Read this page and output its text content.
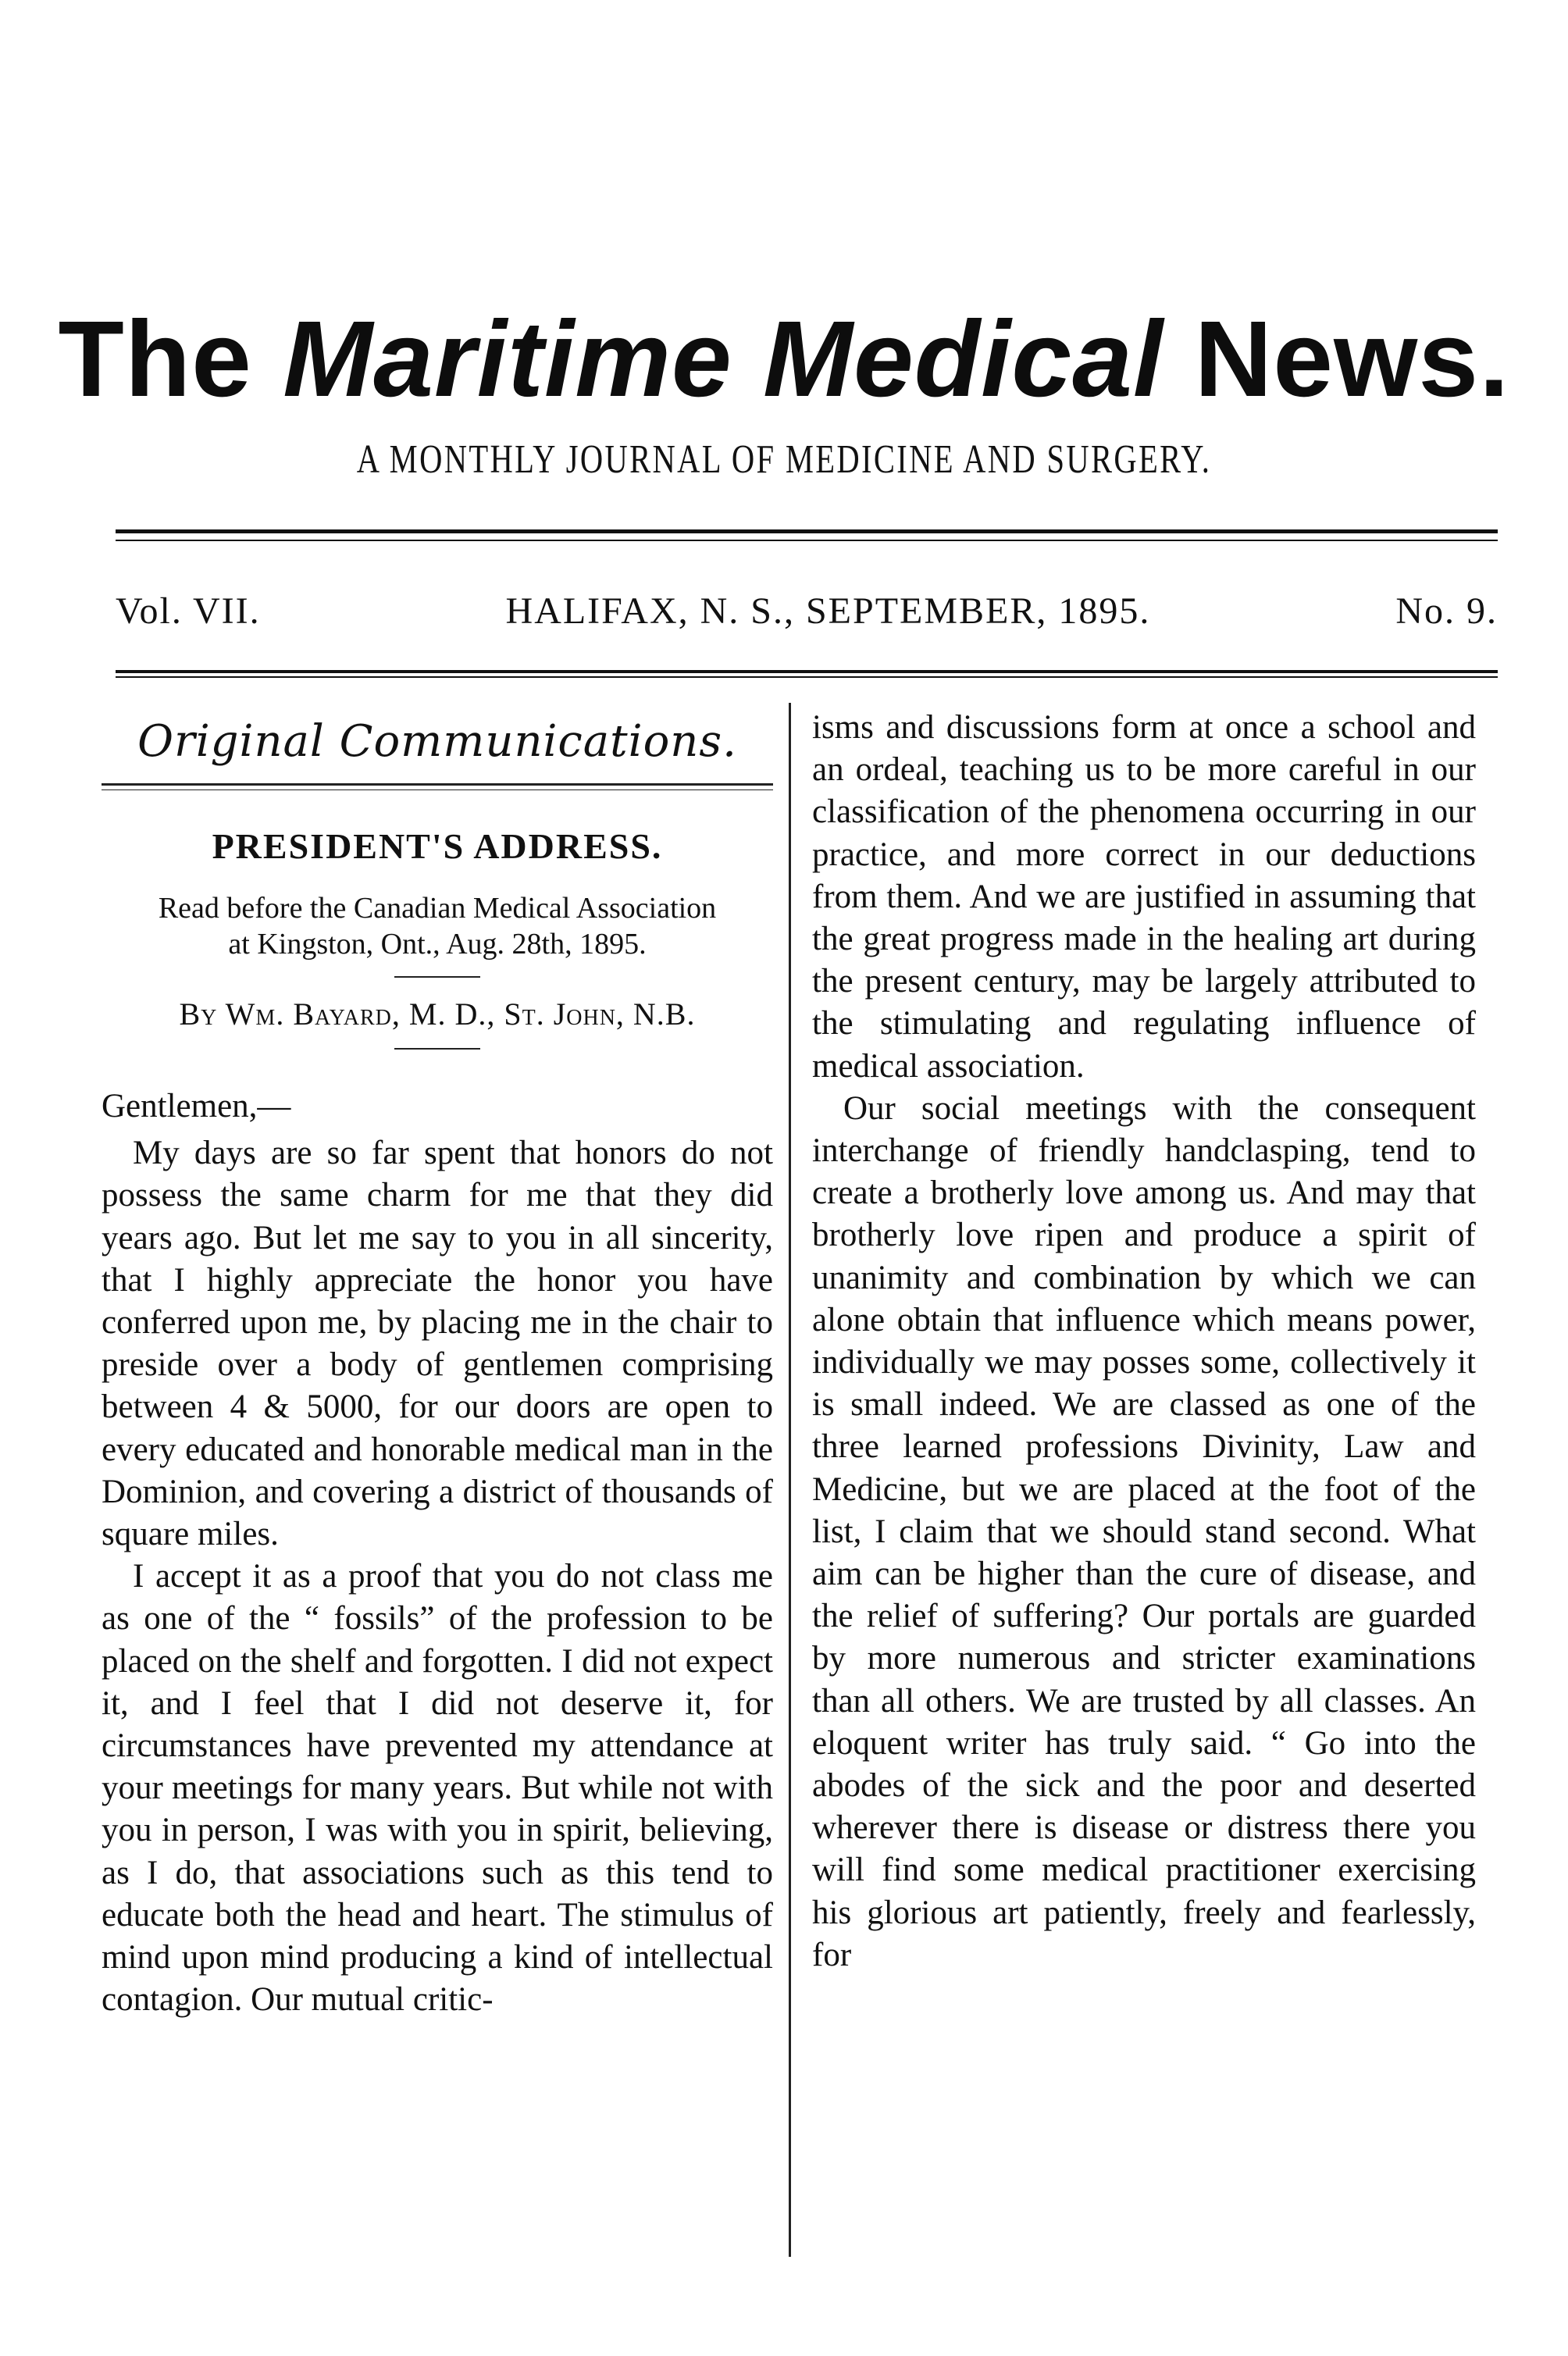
The Maritime Medical News.
A MONTHLY JOURNAL OF MEDICINE AND SURGERY.
Vol. VII.	HALIFAX, N. S., SEPTEMBER, 1895.	No. 9.
Original Communications.
PRESIDENT'S ADDRESS.
Read before the Canadian Medical Association
at Kingston, Ont., Aug. 28th, 1895.
By Wm. Bayard, M. D., St. John, N.B.

Gentlemen,—

My days are so far spent that honors do not possess the same charm for me that they did years ago. But let me say to you in all sincerity, that I highly appreciate the honor you have conferred upon me, by placing me in the chair to preside over a body of gentlemen comprising between 4 & 5000, for our doors are open to every educated and honorable medical man in the Dominion, and covering a district of thousands of square miles.

I accept it as a proof that you do not class me as one of the “ fossils” of the profession to be placed on the shelf and forgotten. I did not expect it, and I feel that I did not deserve it, for circumstances have prevented my attendance at your meetings for many years. But while not with you in person, I was with you in spirit, believing, as I do, that associations such as this tend to educate both the head and heart. The stimulus of mind upon mind producing a kind of intellectual contagion. Our mutual critic-

isms and discussions form at once a school and an ordeal, teaching us to be more careful in our classification of the phenomena occurring in our practice, and more correct in our deductions from them. And we are justified in assuming that the great progress made in the healing art during the present century, may be largely attributed to the stimulating and regulating influence of medical association.

Our social meetings with the consequent interchange of friendly handclasping, tend to create a brotherly love among us. And may that brotherly love ripen and produce a spirit of unanimity and combination by which we can alone obtain that influence which means power, individually we may posses some, collectively it is small indeed. We are classed as one of the three learned professions Divinity, Law and Medicine, but we are placed at the foot of the list, I claim that we should stand second. What aim can be higher than the cure of disease, and the relief of suffering? Our portals are guarded by more numerous and stricter examinations than all others. We are trusted by all classes. An eloquent writer has truly said. “ Go into the abodes of the sick and the poor and deserted wherever there is disease or distress there you will find some medical practitioner exercising his glorious art patiently, freely and fearlessly, for
